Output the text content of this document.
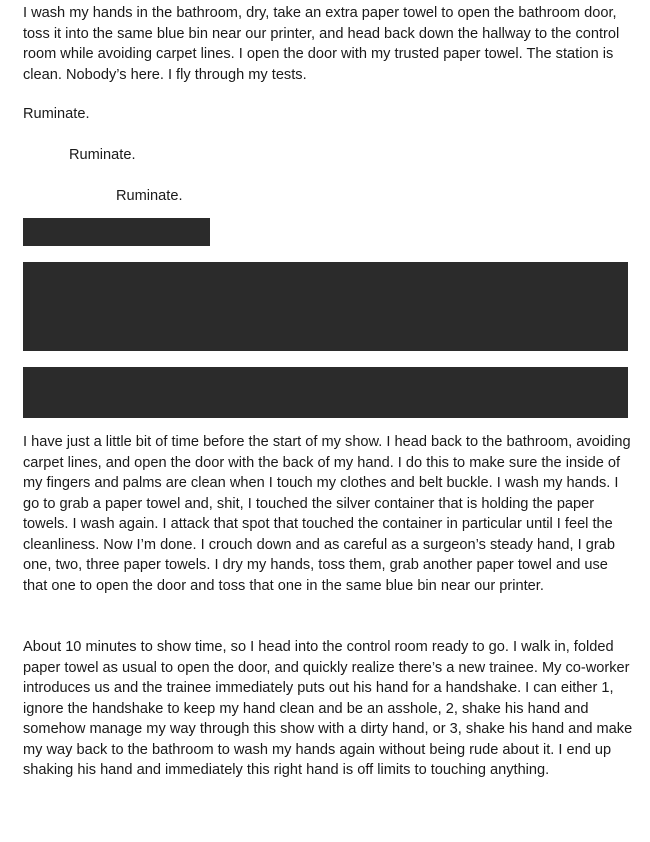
I wash my hands in the bathroom, dry, take an extra paper towel to open the bathroom door, toss it into the same blue bin near our printer, and head back down the hallway to the control room while avoiding carpet lines. I open the door with my trusted paper towel. The station is clean. Nobody’s here. I fly through my tests.

Ruminate.

Ruminate.

Ruminate.

I have just a little bit of time before the start of my show. I head back to the bathroom, avoiding carpet lines, and open the door with the back of my hand. I do this to make sure the inside of my fingers and palms are clean when I touch my clothes and belt buckle. I wash my hands. I go to grab a paper towel and, shit, I touched the silver container that is holding the paper towels. I wash again. I attack that spot that touched the container in particular until I feel the cleanliness. Now I’m done. I crouch down and as careful as a surgeon’s steady hand, I grab one, two, three paper towels. I dry my hands, toss them, grab another paper towel and use that one to open the door and toss that one in the same blue bin near our printer.

About 10 minutes to show time, so I head into the control room ready to go. I walk in, folded paper towel as usual to open the door, and quickly realize there’s a new trainee. My co-worker introduces us and the trainee immediately puts out his hand for a handshake. I can either 1, ignore the handshake to keep my hand clean and be an asshole, 2, shake his hand and somehow manage my way through this show with a dirty hand, or 3, shake his hand and make my way back to the bathroom to wash my hands again without being rude about it. I end up shaking his hand and immediately this right hand is off limits to touching anything.
